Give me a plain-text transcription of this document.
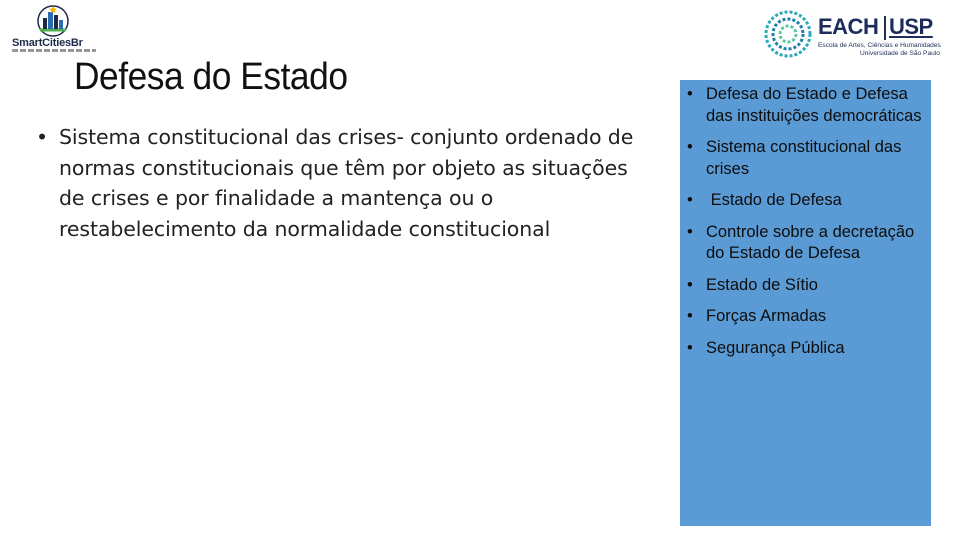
SmartCitiesBr
EACH USP
Escola de Artes, Ciências e Humanidades
Universidade de São Paulo
Defesa do Estado
• Sistema constitucional das crises- conjunto ordenado de normas constitucionais que têm por objeto as situações de crises e por finalidade a mantença ou o restabelecimento da normalidade constitucional
• Defesa do Estado e Defesa das instituições democráticas
• Sistema constitucional das crises
•  Estado de Defesa
• Controle sobre a decretação do Estado de Defesa
• Estado de Sítio
• Forças Armadas
• Segurança Pública
